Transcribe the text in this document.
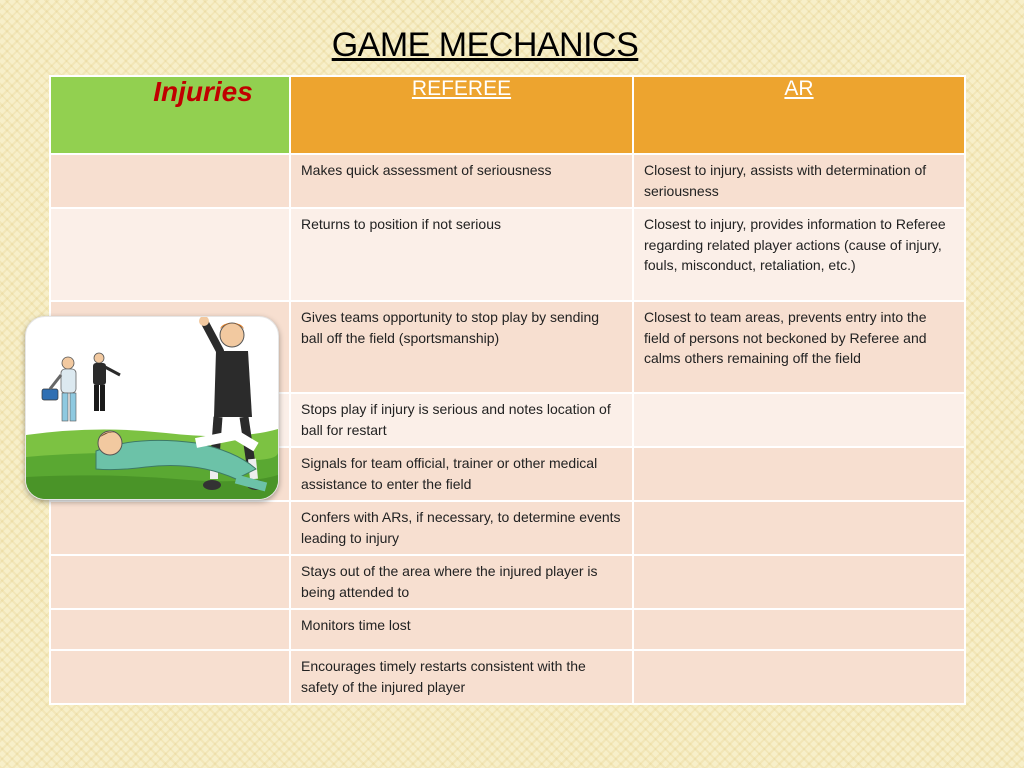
GAME MECHANICS
Injuries	REFEREE	AR

	Makes quick assessment of seriousness	Closest to injury, assists with determination of seriousness

	Returns to position if not serious	Closest to injury, provides information to Referee regarding related player actions (cause of injury, fouls, misconduct, retaliation, etc.)

	Gives teams opportunity to stop play by sending ball off the field (sportsmanship)	Closest to team areas, prevents entry into the field of persons not beckoned by Referee and calms others remaining off the field

	Stops play if injury is serious and notes location of ball for restart	

	Signals for team official, trainer or other medical assistance to enter the field	

	Confers with ARs, if necessary, to determine events leading to injury	

	Stays out of the area where the injured player is being attended to	

	Monitors time lost	

	Encourages timely restarts consistent with the safety of the injured player	
